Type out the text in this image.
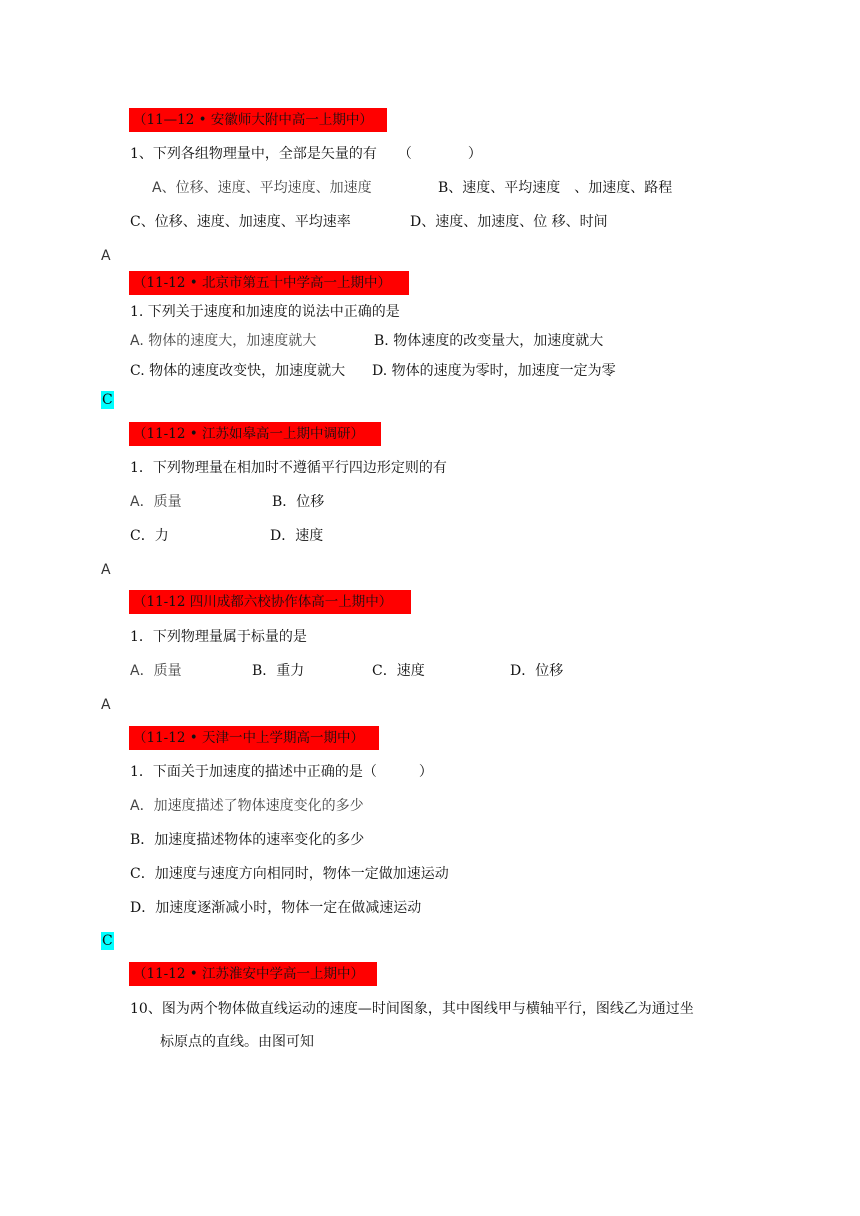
（11—12 • 安徽师大附中高一上期中）
1、下列各组物理量中，全部是矢量的有　　（　　　　）
A、位移、速度、平均速度、加速度	B、速度、平均速度　、加速度、路程
C、位移、速度、加速度、平均速率	D、速度、加速度、位 移、时间
A
（11-12 • 北京市第五十中学高一上期中）
1. 下列关于速度和加速度的说法中正确的是
A. 物体的速度大，加速度就大	B. 物体速度的改变量大，加速度就大
C. 物体的速度改变快，加速度就大 D. 物体的速度为零时，加速度一定为零
C
（11-12 • 江苏如皋高一上期中调研）
1．下列物理量在相加时不遵循平行四边形定则的有
A．质量	B．位移
C．力	D．速度
A
（11-12 四川成都六校协作体高一上期中）
1．下列物理量属于标量的是
A．质量	B．重力	C．速度	D．位移
A
（11-12 • 天津一中上学期高一期中）
1．下面关于加速度的描述中正确的是（　　　）
A．加速度描述了物体速度变化的多少
B．加速度描述物体的速率变化的多少
C．加速度与速度方向相同时，物体一定做加速运动
D．加速度逐渐减小时，物体一定在做减速运动
C
（11-12 • 江苏淮安中学高一上期中）
10、图为两个物体做直线运动的速度—时间图象，其中图线甲与横轴平行，图线乙为通过坐
标原点的直线。由图可知
